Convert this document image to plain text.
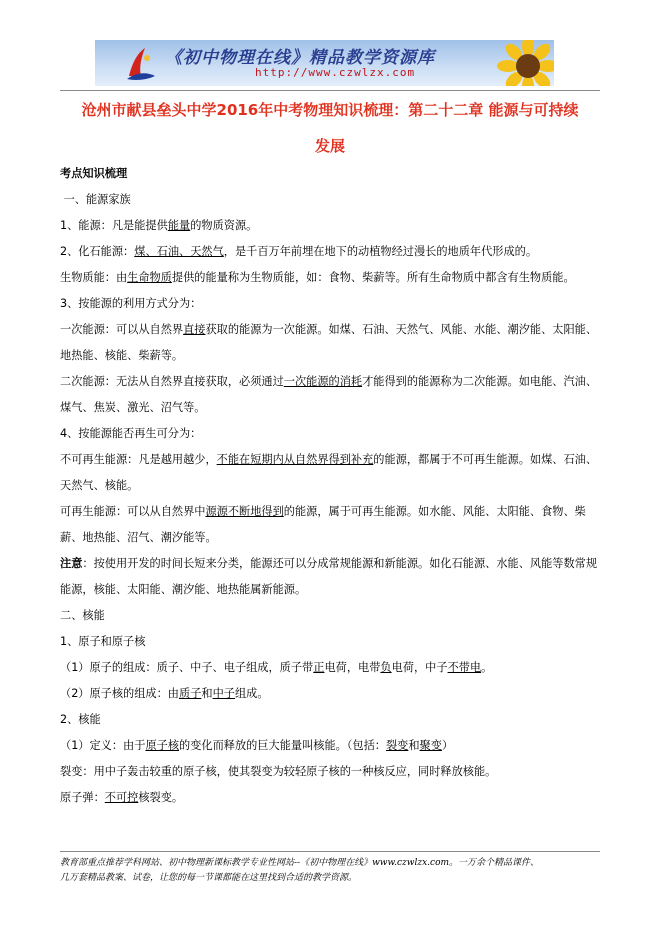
《初中物理在线》精品教学资源库
http://www.czwlzx.com
沧州市献县垒头中学2016年中考物理知识梳理：第二十二章 能源与可持续
发展

考点知识梳理

一、能源家族

1、能源：凡是能提供能量的物质资源。

2、化石能源：煤、石油、天然气，是千百万年前埋在地下的动植物经过漫长的地质年代形成的。

生物质能：由生命物质提供的能量称为生物质能，如：食物、柴薪等。所有生命物质中都含有生物质能。

3、按能源的利用方式分为：

一次能源：可以从自然界直接获取的能源为一次能源。如煤、石油、天然气、风能、水能、潮汐能、太阳能、地热能、核能、柴薪等。

二次能源：无法从自然界直接获取，必须通过一次能源的消耗才能得到的能源称为二次能源。如电能、汽油、煤气、焦炭、激光、沼气等。

4、按能源能否再生可分为：

不可再生能源：凡是越用越少，不能在短期内从自然界得到补充的能源，都属于不可再生能源。如煤、石油、天然气、核能。

可再生能源：可以从自然界中源源不断地得到的能源，属于可再生能源。如水能、风能、太阳能、食物、柴薪、地热能、沼气、潮汐能等。

注意：按使用开发的时间长短来分类，能源还可以分成常规能源和新能源。如化石能源、水能、风能等数常规能源，核能、太阳能、潮汐能、地热能属新能源。

二、核能

1、原子和原子核

（1）原子的组成：质子、中子、电子组成，质子带正电荷，电带负电荷，中子不带电。

（2）原子核的组成：由质子和中子组成。

2、核能

（1）定义：由于原子核的变化而释放的巨大能量叫核能。（包括：裂变和聚变）

裂变：用中子轰击较重的原子核，使其裂变为较轻原子核的一种核反应，同时释放核能。

原子弹：不可控核裂变。

教育部重点推荐学科网站、初中物理新课标教学专业性网站--《初中物理在线》www.czwlzx.com。一万余个精品课件、
几万套精品教案、试卷，让您的每一节课都能在这里找到合适的教学资源。
